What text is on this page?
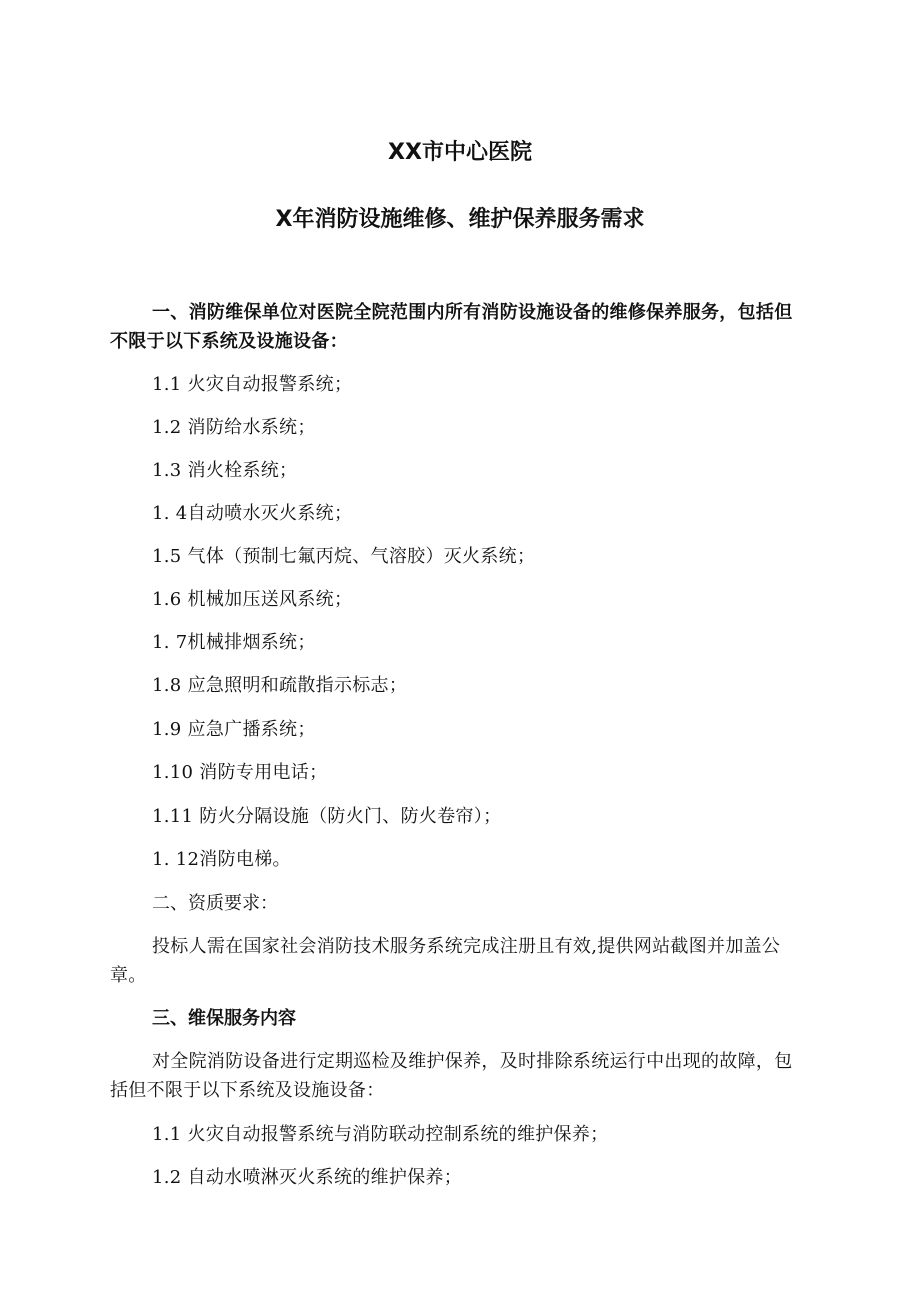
XX市中心医院
X年消防设施维修、维护保养服务需求
一、消防维保单位对医院全院范围内所有消防设施设备的维修保养服务，包括但不限于以下系统及设施设备：
1.1 火灾自动报警系统；
1.2 消防给水系统；
1.3 消火栓系统；
1. 4自动喷水灭火系统；
1.5 气体（预制七氟丙烷、气溶胶）灭火系统；
1.6 机械加压送风系统；
1. 7机械排烟系统；
1.8 应急照明和疏散指示标志；
1.9 应急广播系统；
1.10 消防专用电话；
1.11 防火分隔设施（防火门、防火卷帘）；
1. 12消防电梯。
二、资质要求：
投标人需在国家社会消防技术服务系统完成注册且有效,提供网站截图并加盖公章。
三、维保服务内容
对全院消防设备进行定期巡检及维护保养，及时排除系统运行中出现的故障，包括但不限于以下系统及设施设备：
1.1 火灾自动报警系统与消防联动控制系统的维护保养；
1.2 自动水喷淋灭火系统的维护保养；
